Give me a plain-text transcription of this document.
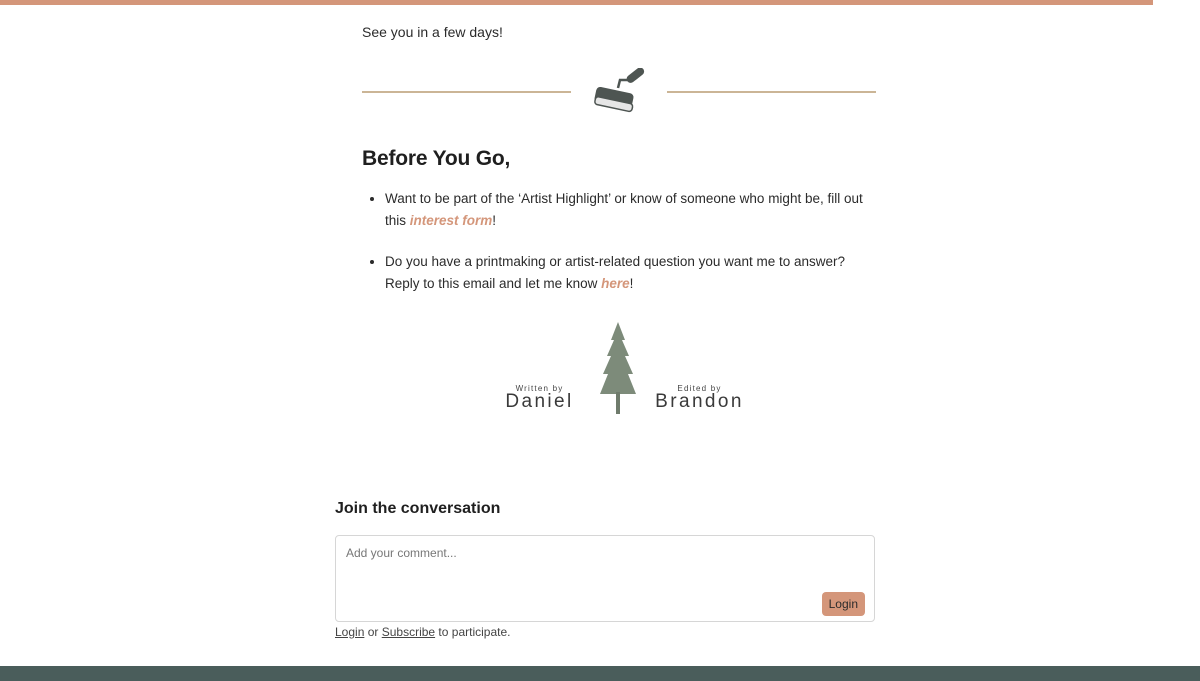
See you in a few days!

Before You Go,
• Want to be part of the ‘Artist Highlight’ or know of someone who might be, fill out this interest form!
• Do you have a printmaking or artist-related question you want me to answer? Reply to this email and let me know here!
Written by
Daniel
Edited by
Brandon
Join the conversation
Add your comment...
Login

Login or Subscribe to participate.
